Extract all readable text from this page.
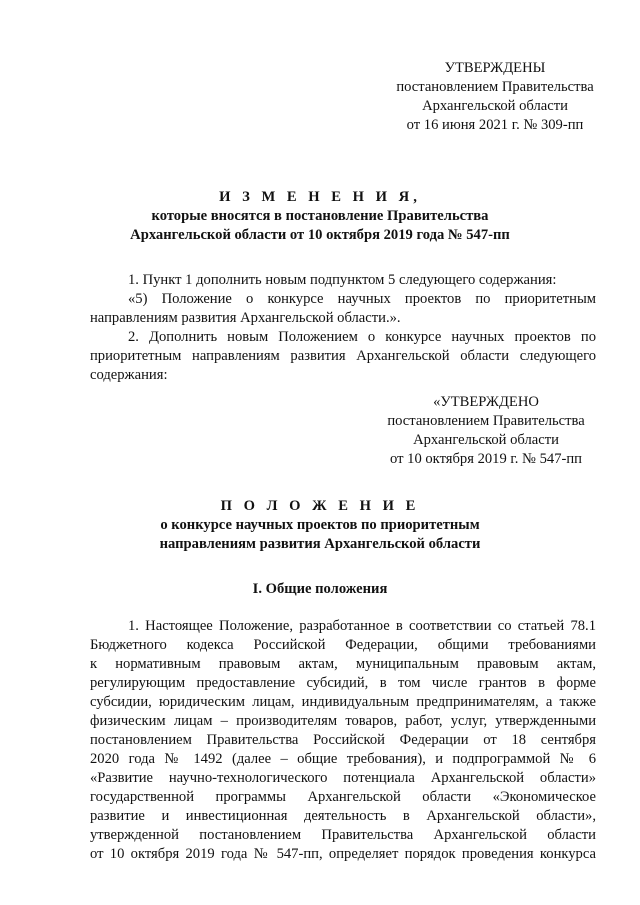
УТВЕРЖДЕНЫ
постановлением Правительства
Архангельской области
от 16 июня 2021 г. № 309-пп
И З М Е Н Е Н И Я,
которые вносятся в постановление Правительства
Архангельской области от 10 октября 2019 года № 547-пп
1. Пункт 1 дополнить новым подпунктом 5 следующего содержания:
«5) Положение о конкурсе научных проектов по приоритетным
направлениям развития Архангельской области.».
2. Дополнить новым Положением о конкурсе научных проектов по
приоритетным направлениям развития Архангельской области следующего
содержания:
«УТВЕРЖДЕНО
постановлением Правительства
Архангельской области
от 10 октября 2019 г. № 547-пп
П О Л О Ж Е Н И Е
о конкурсе научных проектов по приоритетным
направлениям развития Архангельской области
I. Общие положения
1. Настоящее Положение, разработанное в соответствии со статьей 78.1
Бюджетного кодекса Российской Федерации, общими требованиями
к нормативным правовым актам, муниципальным правовым актам,
регулирующим предоставление субсидий, в том числе грантов в форме
субсидии, юридическим лицам, индивидуальным предпринимателям, а также
физическим лицам – производителям товаров, работ, услуг, утвержденными
постановлением Правительства Российской Федерации от 18 сентября
2020 года № 1492 (далее – общие требования), и подпрограммой № 6
«Развитие научно-технологического потенциала Архангельской области»
государственной программы Архангельской области «Экономическое
развитие и инвестиционная деятельность в Архангельской области»,
утвержденной постановлением Правительства Архангельской области
от 10 октября 2019 года № 547-пп, определяет порядок проведения конкурса
